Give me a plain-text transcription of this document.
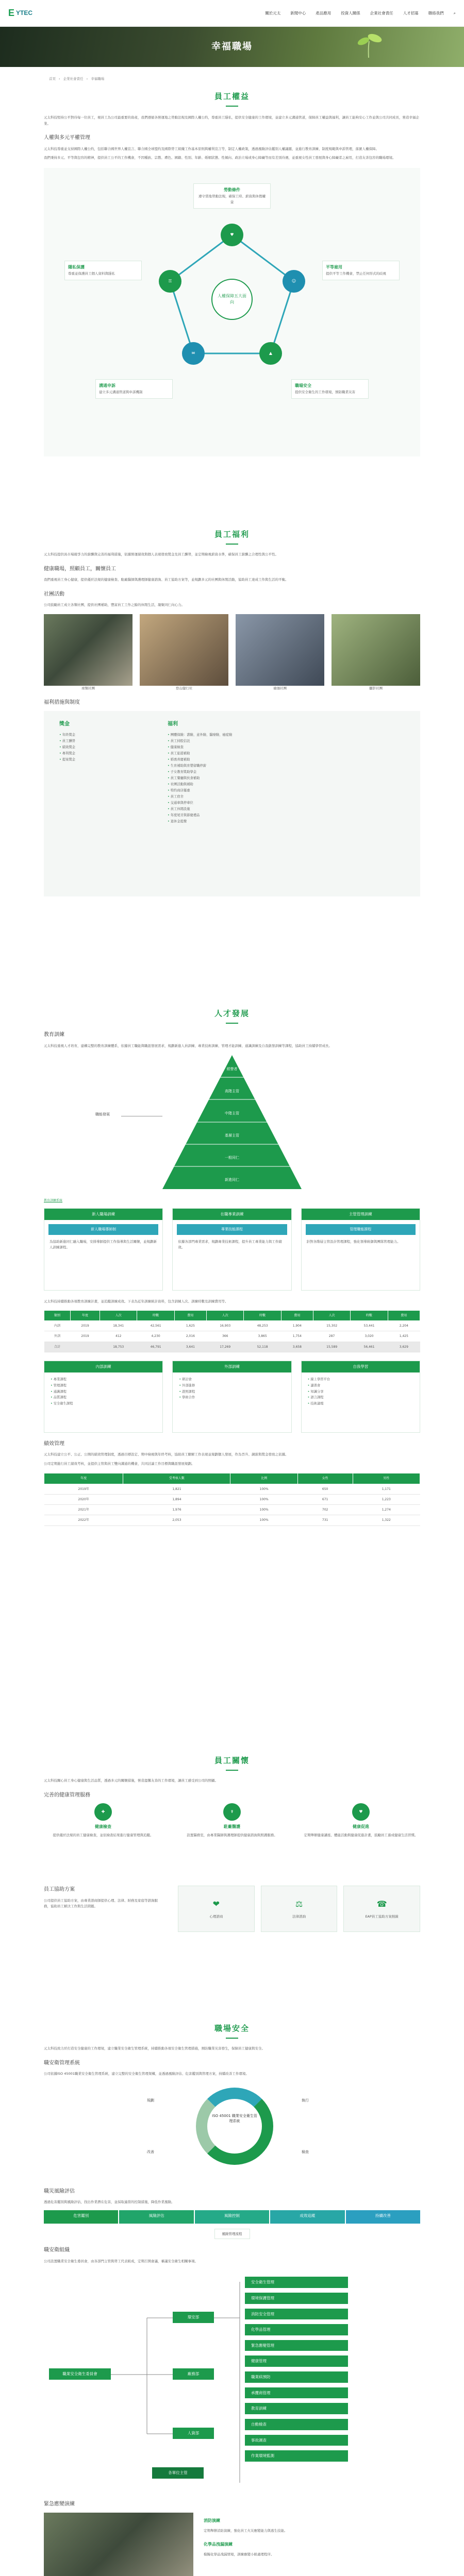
E YTEC	關於元太	新聞中心	產品應用	投資人關係	企業社會責任	人才招募	聯絡我們	⌕
幸福職場
首頁 › 企業社會責任 › 幸福職場
員工權益

元太科技堅持公平對待每一位員工，視員工為公司最重要的資產，我們遵循各營運地之勞動法規及國際人權公約，尊重員工隱私，提供安全健康的工作環境，並建立多元溝通管道，保障員工權益與福利，讓員工能夠安心工作並與公司共同成長，營造幸福企業。

人權與多元平權管理

元太科技尊重並支持國際人權公約，包括聯合國世界人權宣言、聯合國全球盟約及國際勞工組織工作基本原則與權利宣言等，制定人權政策，透過風險評估鑑別人權議題，並進行教育訓練、制度規範與申訴管理，落實人權保障。

我們秉持多元、平等與包容的精神，提供員工公平的工作機會，不因種族、宗教、膚色、國籍、性別、年齡、婚姻狀態、性傾向、政治立場或身心障礙等而有差別待遇，並重視女性員工發展與身心障礙者之雇用，打造友善包容的職場環境。

人權保障五大面向
♥
☺
▲
✉
⚿
勞動條件
遵守當地勞動法規，確保工時、薪資與休假權益
平等雇用
提供平等工作機會，禁止任何形式的歧視
職場安全
提供安全衛生的工作環境，預防職業災害
溝通申訴
建立多元溝通管道與申訴機制
隱私保護
尊重並保護員工個人資料與隱私
員工福利

元太科技提供具市場競爭力的薪酬與完善的福利措施，依據營運績效與個人表現發放獎金及員工酬勞，並定期檢視薪資水準，確保員工薪酬之合理性與公平性。

健康職場，照顧員工，關懷員工

我們重視員工身心健康，提供優於法規的健康檢查、駐廠醫師與護理師健康諮詢、員工協助方案等，並規劃多元的社團與休閒活動，協助員工達成工作與生活的平衡。

社團活動

公司鼓勵員工成立各類社團，提供社團補助，豐富員工工作之餘的休閒生活，凝聚同仁向心力。

球類社團	登山健行社	瑜珈社團	攝影社團
福利措施與制度
獎金
• 年終獎金
• 員工酬勞
• 績效獎金
• 專利獎金
• 提案獎金
福利
• 團體保險：壽險、意外險、醫療險、癌症險
• 員工持股信託
• 健康檢查
• 員工旅遊補助
• 婚喪喜慶補助
• 生育補助與育嬰留職停薪
• 子女教育獎助學金
• 員工餐廳與伙食補助
• 社團活動與補助
• 特約商店優惠
• 員工宿舍
• 交通車與停車位
• 員工休閒設施
• 年度尾牙與節慶禮品
• 退休金提撥
人才發展
教育訓練

元太科技重視人才培育，建構完整的教育訓練體系，依據員工職能與職涯發展需求，規劃新進人員訓練、專業技術訓練、管理才能訓練、通識訓練及自我啟發訓練等課程，協助員工持續學習成長。

職能發展
經營者
高階主管
中階主管
基層主管
一般同仁
新進同仁
教育訓練系統
新人職場訓練
新人職場導師制

為協助新進同仁融入職場，安排導師提供工作指導與生活關懷，並規劃新人訓練課程。

在職專業訓練
專業技能課程

依據各部門專業需求，規劃專業技術課程，提升員工專業能力與工作績效。

主管管理訓練
管理職能課程

針對各階層主管設計管理課程，強化領導統御與團隊管理能力。

元太科技持續推動各項教育訓練計畫，並追蹤訓練成效。下表為近年訓練統計資料，包含訓練人次、訓練時數及訓練費用等。

類別	年度	人次	時數	費用	人次	時數	費用	人次	時數	費用
內訓	2019	18,341	42,561	1,625	16,903	48,253	1,904	15,302	53,441	2,204
外訓	2019	412	4,230	2,016	366	3,865	1,754	287	3,020	1,425
合計		18,753	46,791	3,641	17,269	52,118	3,658	15,589	56,461	3,629
內部訓練
• 專業課程
• 管理課程
• 通識課程
• 品質課程
• 安全衛生課程
外部訓練
• 研討會
• 外部進修
• 證照課程
• 學術合作
自我學習
• 線上學習平台
• 讀書會
• 知識分享
• 語言課程
• 技術論壇
績效管理

元太科技建立公平、公正、公開的績效管理制度，透過目標設定、期中檢視與年終考核，協助員工瞭解工作表現並規劃個人發展，作為晉升、調薪與獎金發放之依據。

公司定期進行員工績效考核，並提供主管與員工雙向溝通的機會，共同討論工作目標與職涯發展規劃。

年度	受考核人數	比例	女性	男性
2019年	1,821	100%	650	1,171
2020年	1,894	100%	671	1,223
2021年	1,976	100%	702	1,274
2022年	2,053	100%	731	1,322
員工關懷

元太科技關心員工身心健康與生活品質，透過多元的關懷措施，營造溫馨友善的工作環境，讓員工感受到公司的照顧。

完善的健康管理服務
✚
健康檢查

提供優於法規的員工健康檢查，並依檢查結果進行健康管理與追蹤。

☤
駐廠醫護

設置醫務室，由專業醫師與護理師提供健康諮詢與照護服務。

♥
健康促進

定期舉辦健康講座、體能活動與健康促進計畫，鼓勵員工養成健康生活習慣。

員工協助方案

公司提供員工協助方案，由專業諮商師提供心理、法律、財務及家庭等諮詢服務，協助員工解決工作與生活問題。	❤
心理諮商
⚖
法律諮詢
☎
EAP員工協助方案熱線
職場安全

元太科技致力於打造安全健康的工作環境，建立職業安全衛生管理系統，持續推動各項安全衛生管理措施，預防職業災害發生，保障員工健康與安全。

職安衛管理系統

公司依據ISO 45001職業安全衛生管理系統，建立完整的安全衛生管理架構，並透過風險評估、危害鑑別與管理方案，持續改善工作環境。

ISO 45001 職業安全衛生管理系統
規劃	執行
檢查
改善
職災風險評估

透過危害鑑別與風險評估，找出作業潛在危害，並採取適當的控制措施，降低作業風險。

危害鑑別	風險評估	風險控制	成效追蹤	持續改善
風險管理流程
職安衛組織

公司設置職業安全衛生委員會，由各部門主管與勞工代表組成，定期召開會議，審議安全衛生相關事項。

職業安全衛生委員會
環安部
廠務部
人資部
各單位主管
安全衛生管理
環境保護管理
消防安全管理
化學品管理
緊急應變管理
健康管理
職業病預防
承攬商管理
教育訓練
自動檢查
事故調查
作業環境監測
緊急應變演練
消防演練

定期舉辦消防演練，強化員工火災應變能力與逃生技能。

化學品洩漏演練

模擬化學品洩漏情境，訓練應變小組處理程序。
